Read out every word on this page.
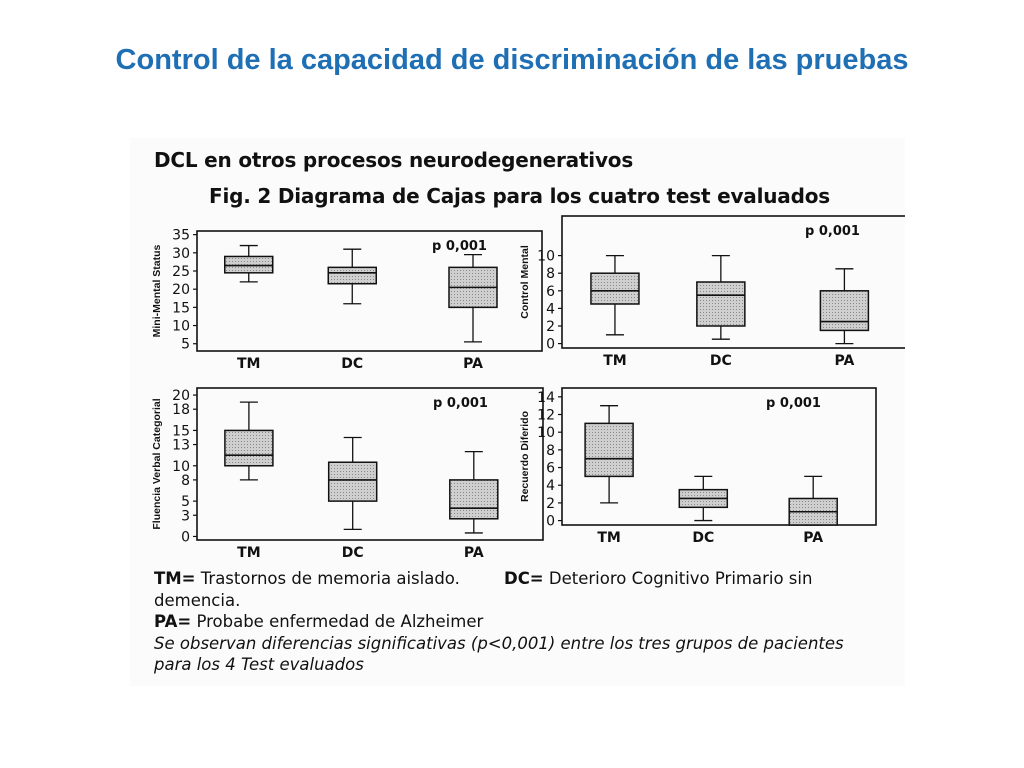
Control de la capacidad de discriminación de las pruebas
DCL en otros procesos neurodegenerativos
Fig. 2 Diagrama de Cajas para los cuatro test evaluados
5
10
15
20
25
30
35
Mini-Mental Status	p 0,001
TM	DC	PA
0
2
4
6
8
10
Control Mental
p 0,001
TM	DC	PA
0
3
5
8
10
13
15
18
20
Fluencia Verbal Categorial	p 0,001
TM	DC	PA
0
2
4
6
8
10
12
14
Recuerdo Diferido
p 0,001
TM	DC	PA
TM= Trastornos de memoria aislado.	DC= Deterioro Cognitivo Primario sin
demencia.
PA= Probabe enfermedad de Alzheimer
Se observan diferencias significativas (p<0,001) entre los tres grupos de pacientes
para los 4 Test evaluados
